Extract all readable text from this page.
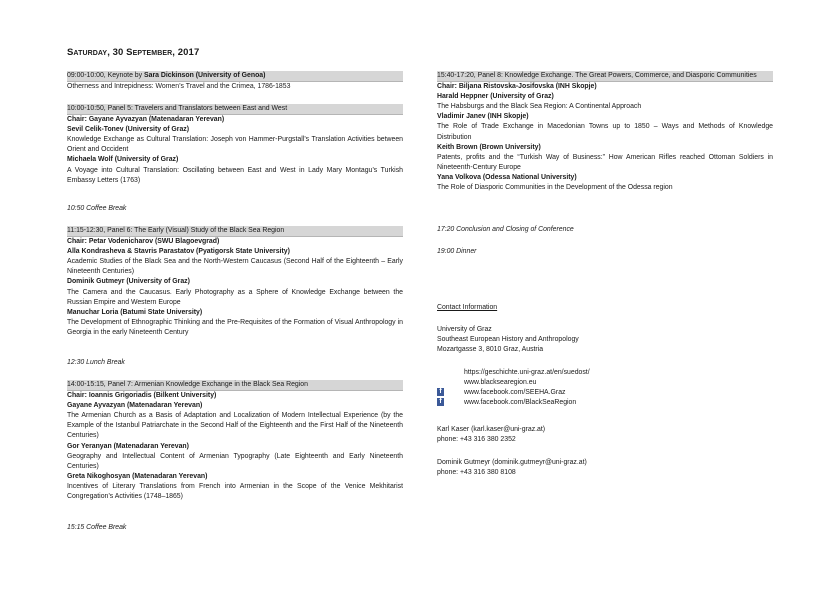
Saturday, 30 September, 2017
09:00-10:00, Keynote by Sara Dickinson (University of Genoa)
Otherness and Intrepidness: Women’s Travel and the Crimea, 1786-1853
10:00-10:50, Panel 5: Travelers and Translators between East and West
Chair: Gayane Ayvazyan (Matenadaran Yerevan)
Sevil Celik-Tonev (University of Graz)
Knowledge Exchange as Cultural Translation: Joseph von Hammer-Purgstall’s Translation Activities between Orient and Occident
Michaela Wolf (University of Graz)
A Voyage into Cultural Translation: Oscillating between East and West in Lady Mary Montagu’s Turkish Embassy Letters (1763)
10:50 Coffee Break
11:15-12:30, Panel 6: The Early (Visual) Study of the Black Sea Region
Chair: Petar Vodenicharov (SWU Blagoevgrad)
Alla Kondrasheva & Stavris Parastatov (Pyatigorsk State University)
Academic Studies of the Black Sea and the North-Western Caucasus (Second Half of the Eighteenth – Early Nineteenth Centuries)
Dominik Gutmeyr (University of Graz)
The Camera and the Caucasus. Early Photography as a Sphere of Knowledge Exchange between the Russian Empire and Western Europe
Manuchar Loria (Batumi State University)
The Development of Ethnographic Thinking and the Pre-Requisites of the Formation of Visual Anthropology in Georgia in the early Nineteenth Century
12:30 Lunch Break
14:00-15:15, Panel 7: Armenian Knowledge Exchange in the Black Sea Region
Chair: Ioannis Grigoriadis (Bilkent University)
Gayane Ayvazyan (Matenadaran Yerevan)
The Armenian Church as a Basis of Adaptation and Localization of Modern Intellectual Experience (by the Example of the Istanbul Patriarchate in the Second Half of the Eighteenth and the First Half of the Nineteenth Centuries)
Gor Yeranyan (Matenadaran Yerevan)
Geography and Intellectual Content of Armenian Typography (Late Eighteenth and Early Nineteenth Centuries)
Greta Nikoghosyan (Matenadaran Yerevan)
Incentives of Literary Translations from French into Armenian in the Scope of the Venice Mekhitarist Congregation’s Activities (1748–1865)
15:15 Coffee Break
15:40-17:20, Panel 8: Knowledge Exchange. The Great Powers, Commerce, and Diasporic Communities
Chair: Biljana Ristovska-Josifovska (INH Skopje)
Harald Heppner (University of Graz)
The Habsburgs and the Black Sea Region: A Continental Approach
Vladimir Janev (INH Skopje)
The Role of Trade Exchange in Macedonian Towns up to 1850 – Ways and Methods of Knowledge Distribution
Keith Brown (Brown University)
Patents, profits and the “Turkish Way of Business:” How American Rifles reached Ottoman Soldiers in Nineteenth-Century Europe
Yana Volkova (Odessa National University)
The Role of Diasporic Communities in the Development of the Odessa region
17:20 Conclusion and Closing of Conference
19:00 Dinner
Contact Information
University of Graz
Southeast European History and Anthropology
Mozartgasse 3, 8010 Graz, Austria
https://geschichte.uni-graz.at/en/suedost/
www.blacksearegion.eu
f	www.facebook.com/SEEHA.Graz
f	www.facebook.com/BlackSeaRegion
Karl Kaser (karl.kaser@uni-graz.at)
phone: +43 316 380 2352
Dominik Gutmeyr (dominik.gutmeyr@uni-graz.at)
phone: +43 316 380 8108
